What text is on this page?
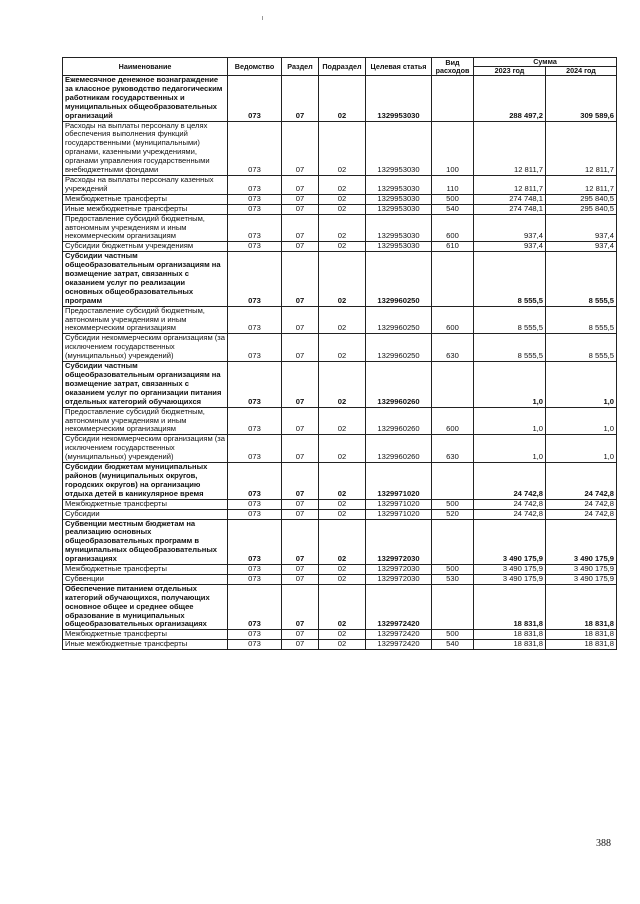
Наименование	Ведомство	Раздел	Подраздел	Целевая статья	Вид расходов	Сумма	
						2023 год	2024 год
Ежемесячное денежное вознаграждение за классное руководство педагогическим работникам государственных и муниципальных общеобразовательных организаций	073	07	02	1329953030		288 497,2	309 589,6
Расходы на выплаты персоналу в целях обеспечения выполнения функций государственными (муниципальными) органами, казенными учреждениями, органами управления государственными внебюджетными фондами	073	07	02	1329953030	100	12 811,7	12 811,7
Расходы на выплаты персоналу казенных учреждений	073	07	02	1329953030	110	12 811,7	12 811,7
Межбюджетные трансферты	073	07	02	1329953030	500	274 748,1	295 840,5
Иные межбюджетные трансферты	073	07	02	1329953030	540	274 748,1	295 840,5
Предоставление субсидий бюджетным, автономным учреждениям и иным некоммерческим организациям	073	07	02	1329953030	600	937,4	937,4
Субсидии бюджетным учреждениям	073	07	02	1329953030	610	937,4	937,4
Субсидии частным общеобразовательным организациям на возмещение затрат, связанных с оказанием услуг по реализации основных общеобразовательных программ	073	07	02	1329960250		8 555,5	8 555,5
Предоставление субсидий бюджетным, автономным учреждениям и иным некоммерческим организациям	073	07	02	1329960250	600	8 555,5	8 555,5
Субсидии некоммерческим организациям (за исключением государственных (муниципальных) учреждений)	073	07	02	1329960250	630	8 555,5	8 555,5
Субсидии частным общеобразовательным организациям на возмещение затрат, связанных с оказанием услуг по организации питания отдельных категорий обучающихся	073	07	02	1329960260		1,0	1,0
Предоставление субсидий бюджетным, автономным учреждениям и иным некоммерческим организациям	073	07	02	1329960260	600	1,0	1,0
Субсидии некоммерческим организациям (за исключением государственных (муниципальных) учреждений)	073	07	02	1329960260	630	1,0	1,0
Субсидии бюджетам муниципальных районов (муниципальных округов, городских округов) на организацию отдыха детей в каникулярное время	073	07	02	1329971020		24 742,8	24 742,8
Межбюджетные трансферты	073	07	02	1329971020	500	24 742,8	24 742,8
Субсидии	073	07	02	1329971020	520	24 742,8	24 742,8
Субвенции местным бюджетам на реализацию основных общеобразовательных программ в муниципальных общеобразовательных организациях	073	07	02	1329972030		3 490 175,9	3 490 175,9
Межбюджетные трансферты	073	07	02	1329972030	500	3 490 175,9	3 490 175,9
Субвенции	073	07	02	1329972030	530	3 490 175,9	3 490 175,9
Обеспечение питанием отдельных категорий обучающихся, получающих основное общее и среднее общее образование в муниципальных общеобразовательных организациях	073	07	02	1329972420		18 831,8	18 831,8
Межбюджетные трансферты	073	07	02	1329972420	500	18 831,8	18 831,8
Иные межбюджетные трансферты	073	07	02	1329972420	540	18 831,8	18 831,8
388
